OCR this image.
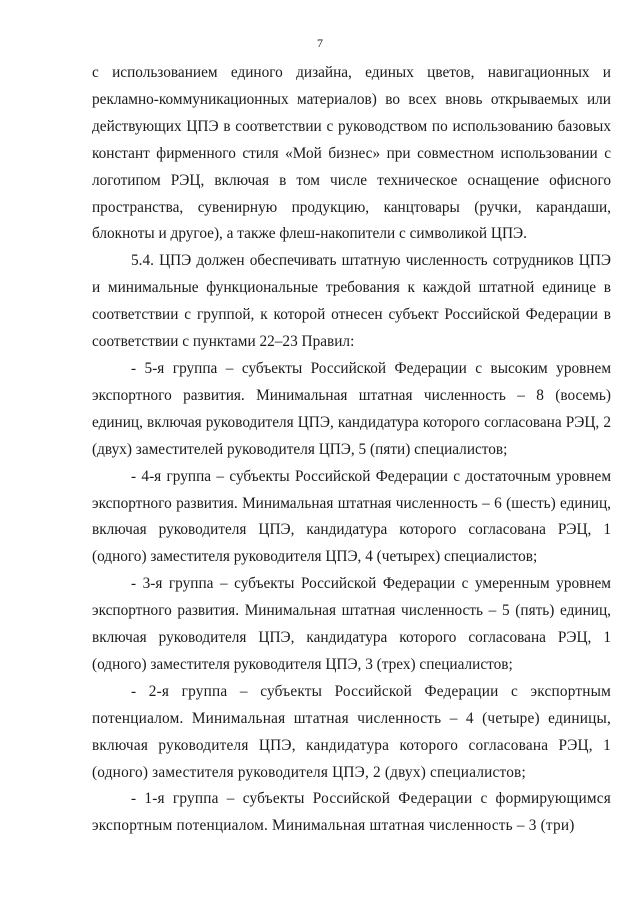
7

с использованием единого дизайна, единых цветов, навигационных и рекламно-коммуникационных материалов) во всех вновь открываемых или действующих ЦПЭ в соответствии с руководством по использованию базовых констант фирменного стиля «Мой бизнес» при совместном использовании с логотипом РЭЦ, включая в том числе техническое оснащение офисного пространства, сувенирную продукцию, канцтовары (ручки, карандаши, блокноты и другое), а также флеш-накопители с символикой ЦПЭ.

5.4. ЦПЭ должен обеспечивать штатную численность сотрудников ЦПЭ и минимальные функциональные требования к каждой штатной единице в соответствии с группой, к которой отнесен субъект Российской Федерации в соответствии с пунктами 22–23 Правил:

- 5-я группа – субъекты Российской Федерации с высоким уровнем экспортного развития. Минимальная штатная численность – 8 (восемь) единиц, включая руководителя ЦПЭ, кандидатура которого согласована РЭЦ, 2 (двух) заместителей руководителя ЦПЭ, 5 (пяти) специалистов;

- 4-я группа – субъекты Российской Федерации с достаточным уровнем экспортного развития. Минимальная штатная численность – 6 (шесть) единиц, включая руководителя ЦПЭ, кандидатура которого согласована РЭЦ, 1 (одного) заместителя руководителя ЦПЭ, 4 (четырех) специалистов;

- 3-я группа – субъекты Российской Федерации с умеренным уровнем экспортного развития. Минимальная штатная численность – 5 (пять) единиц, включая руководителя ЦПЭ, кандидатура которого согласована РЭЦ, 1 (одного) заместителя руководителя ЦПЭ, 3 (трех) специалистов;

- 2-я группа – субъекты Российской Федерации с экспортным потенциалом. Минимальная штатная численность – 4 (четыре) единицы, включая руководителя ЦПЭ, кандидатура которого согласована РЭЦ, 1 (одного) заместителя руководителя ЦПЭ, 2 (двух) специалистов;

- 1-я группа – субъекты Российской Федерации с формирующимся экспортным потенциалом. Минимальная штатная численность – 3 (три)
